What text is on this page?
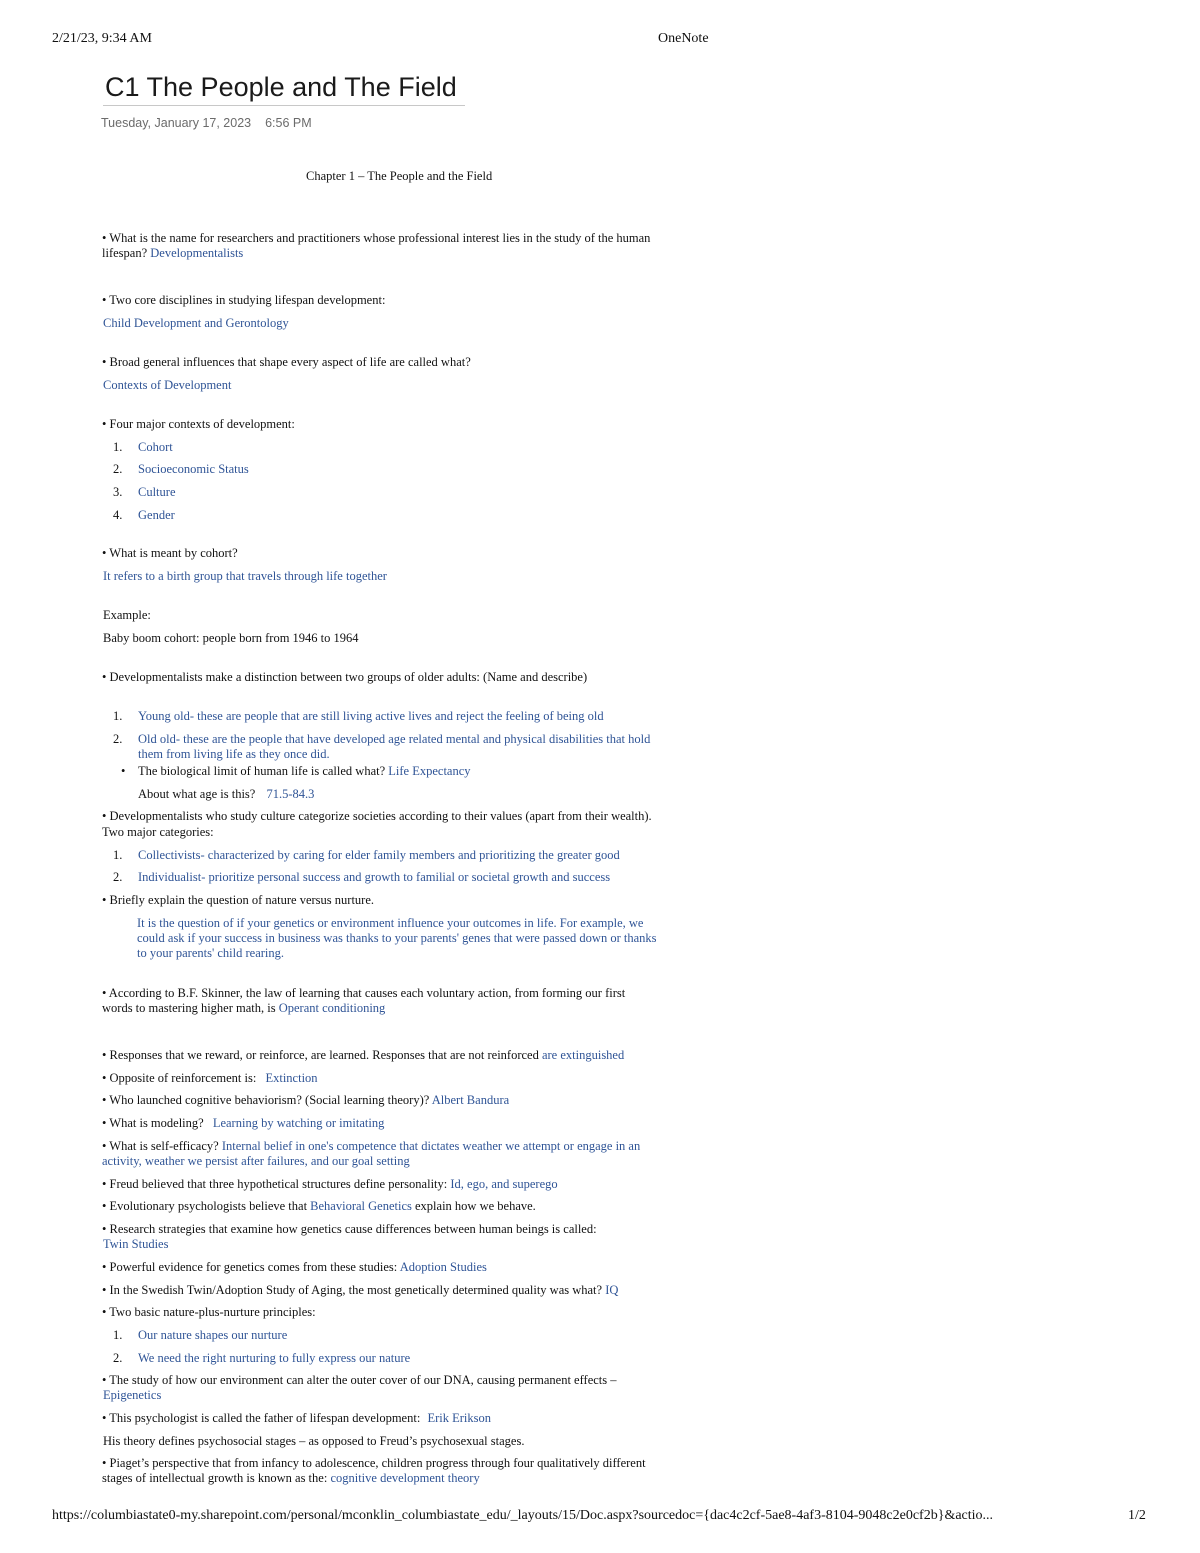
2/21/23, 9:34 AM	OneNote
C1 The People and The Field
Tuesday, January 17, 2023 6:56 PM
Chapter 1 – The People and the Field
• What is the name for researchers and practitioners whose professional interest lies in the study of the human
lifespan? Developmentalists
• Two core disciplines in studying lifespan development:
Child Development and Gerontology
• Broad general influences that shape every aspect of life are called what?
Contexts of Development
• Four major contexts of development:
1. Cohort
2. Socioeconomic Status
3. Culture
4. Gender
• What is meant by cohort?
It refers to a birth group that travels through life together
Example:
Baby boom cohort: people born from 1946 to 1964
• Developmentalists make a distinction between two groups of older adults: (Name and describe)
1. Young old- these are people that are still living active lives and reject the feeling of being old
2. Old old- these are the people that have developed age related mental and physical disabilities that hold
them from living life as they once did.
• The biological limit of human life is called what? Life Expectancy
About what age is this? 71.5-84.3
• Developmentalists who study culture categorize societies according to their values (apart from their wealth).
Two major categories:
1. Collectivists- characterized by caring for elder family members and prioritizing the greater good
2. Individualist- prioritize personal success and growth to familial or societal growth and success
• Briefly explain the question of nature versus nurture.
It is the question of if your genetics or environment influence your outcomes in life. For example, we
could ask if your success in business was thanks to your parents' genes that were passed down or thanks
to your parents' child rearing.
• According to B.F. Skinner, the law of learning that causes each voluntary action, from forming our first
words to mastering higher math, is Operant conditioning
• Responses that we reward, or reinforce, are learned. Responses that are not reinforced are extinguished
• Opposite of reinforcement is: Extinction
• Who launched cognitive behaviorism? (Social learning theory)? Albert Bandura
• What is modeling? Learning by watching or imitating
• What is self-efficacy? Internal belief in one's competence that dictates weather we attempt or engage in an
activity, weather we persist after failures, and our goal setting
• Freud believed that three hypothetical structures define personality: Id, ego, and superego
• Evolutionary psychologists believe that Behavioral Genetics explain how we behave.
• Research strategies that examine how genetics cause differences between human beings is called:
Twin Studies
• Powerful evidence for genetics comes from these studies: Adoption Studies
• In the Swedish Twin/Adoption Study of Aging, the most genetically determined quality was what? IQ
• Two basic nature-plus-nurture principles:
1. Our nature shapes our nurture
2. We need the right nurturing to fully express our nature
• The study of how our environment can alter the outer cover of our DNA, causing permanent effects –
Epigenetics
• This psychologist is called the father of lifespan development: Erik Erikson
His theory defines psychosocial stages – as opposed to Freud’s psychosexual stages.
• Piaget’s perspective that from infancy to adolescence, children progress through four qualitatively different
stages of intellectual growth is known as the: cognitive development theory
https://columbiastate0-my.sharepoint.com/personal/mconklin_columbiastate_edu/_layouts/15/Doc.aspx?sourcedoc={dac4c2cf-5ae8-4af3-8104-9048c2e0cf2b}&actio...	1/2
